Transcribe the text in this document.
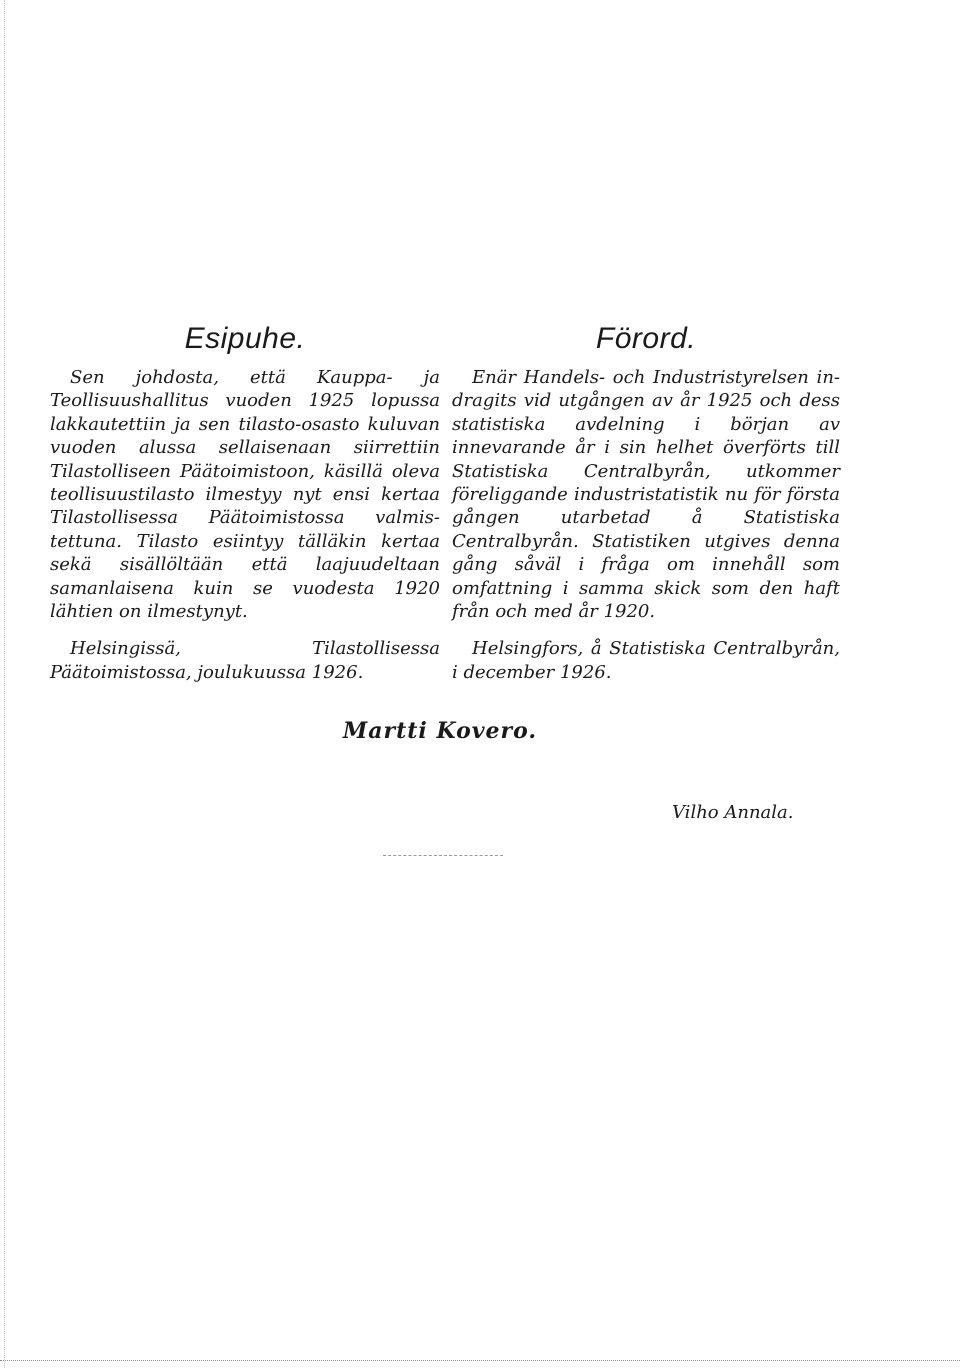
Esipuhe.

Sen johdosta, että Kauppa- ja Teollisuushallitus vuoden 1925 lopussa lakkautettiin ja sen tilasto-osasto kuluvan vuoden alussa sellaisenaan siirrettiin Tilastolliseen Päätoimistoon, käsillä oleva teollisuustilasto ilmestyy nyt ensi kertaa Tilastollisessa Päätoimistossa valmistettuna. Tilasto esiintyy tälläkin kertaa sekä sisällöltään että laajuudeltaan samanlaisena kuin se vuodesta 1920 lähtien on ilmestynyt.

Helsingissä, Tilastollisessa Päätoimistossa, joulukuussa 1926.

Förord.

Enär Handels- och Industristyrelsen indragits vid utgången av år 1925 och dess statistiska avdelning i början av innevarande år i sin helhet överförts till Statistiska Centralbyrån, utkommer föreliggande industristatistik nu för första gången utarbetad å Statistiska Centralbyrån. Statistiken utgives denna gång såväl i fråga om innehåll som omfattning i samma skick som den haft från och med år 1920.

Helsingfors, å Statistiska Centralbyrån, i december 1926.

Martti Kovero.

Vilho Annala.
